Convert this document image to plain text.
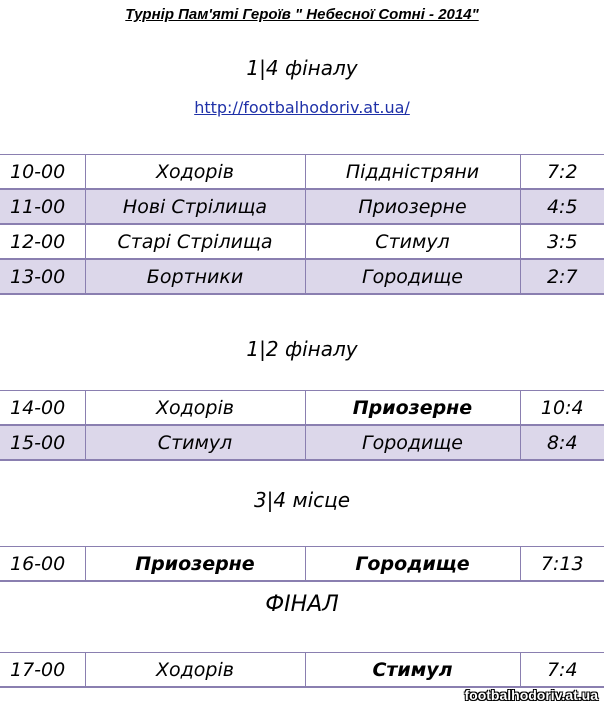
Турнір Пам'яті Героїв " Небесної Сотні - 2014"
1|4 фіналу
http://footbalhodoriv.at.ua/
10-00	Ходорів	Піддністряни	7:2
11-00	Нові Стрілища	Приозерне	4:5
12-00	Старі Стрілища	Стимул	3:5
13-00	Бортники	Городище	2:7
1|2 фіналу
14-00	Ходорів	Приозерне	10:4
15-00	Стимул	Городище	8:4
3|4 місце
16-00	Приозерне	Городище	7:13
ФІНАЛ
17-00	Ходорів	Стимул	7:4
footbalhodoriv.at.ua
